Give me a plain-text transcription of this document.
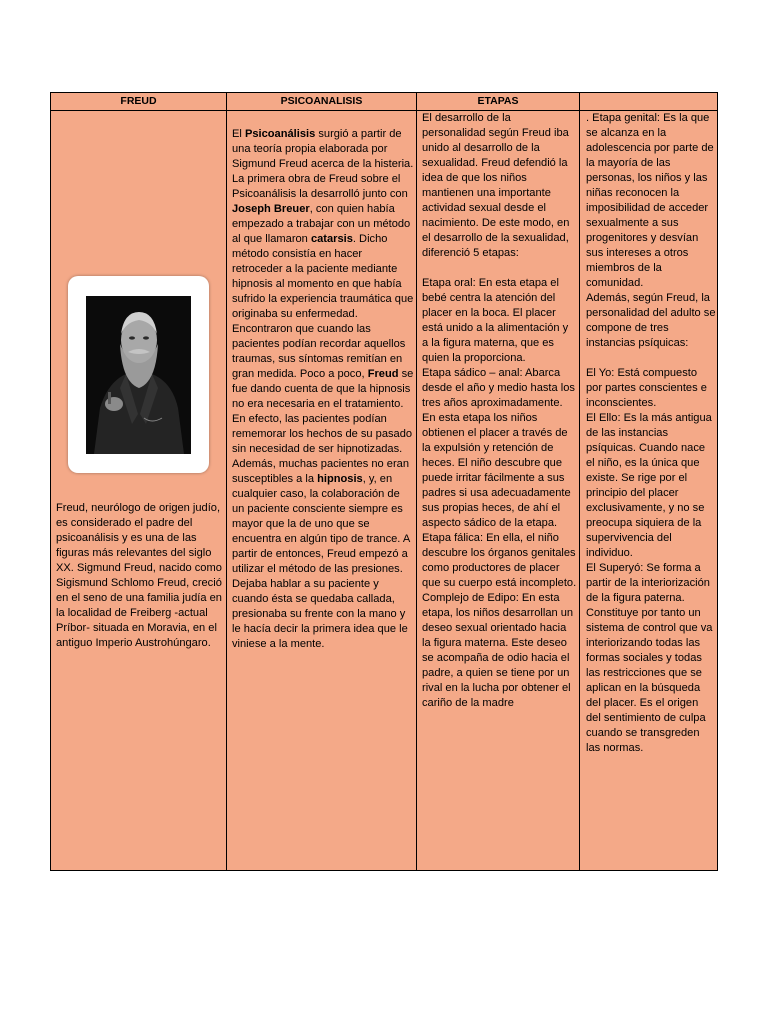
FREUD	PSICOANALISIS	ETAPAS
Freud, neurólogo de origen judío, es considerado el padre del psicoanálisis y es una de las figuras más relevantes del siglo XX. Sigmund Freud, nacido como Sigismund Schlomo Freud, creció en el seno de una familia judía en la localidad de Freiberg -actual Príbor- situada en Moravia, en el antiguo Imperio Austrohúngaro.
El Psicoanálisis surgió a partir de una teoría propia elaborada por Sigmund Freud acerca de la histeria. La primera obra de Freud sobre el Psicoanálisis la desarrolló junto con Joseph Breuer, con quien había empezado a trabajar con un método al que llamaron catarsis. Dicho método consistía en hacer retroceder a la paciente mediante hipnosis al momento en que había sufrido la experiencia traumática que originaba su enfermedad. Encontraron que cuando las pacientes podían recordar aquellos traumas, sus síntomas remitían en gran medida. Poco a poco, Freud se fue dando cuenta de que la hipnosis no era necesaria en el tratamiento. En efecto, las pacientes podían rememorar los hechos de su pasado sin necesidad de ser hipnotizadas. Además, muchas pacientes no eran susceptibles a la hipnosis, y, en cualquier caso, la colaboración de un paciente consciente siempre es mayor que la de uno que se encuentra en algún tipo de trance. A partir de entonces, Freud empezó a utilizar el método de las presiones. Dejaba hablar a su paciente y cuando ésta se quedaba callada, presionaba su frente con la mano y le hacía decir la primera idea que le viniese a la mente.
El desarrollo de la personalidad según Freud iba unido al desarrollo de la sexualidad. Freud defendió la idea de que los niños mantienen una importante actividad sexual desde el nacimiento. De este modo, en el desarrollo de la sexualidad, diferenció 5 etapas:
Etapa oral: En esta etapa el bebé centra la atención del placer en la boca. El placer está unido a la alimentación y a la figura materna, que es quien la proporciona.
Etapa sádico – anal: Abarca desde el año y medio hasta los tres años aproximadamente. En esta etapa los niños obtienen el placer a través de la expulsión y retención de heces. El niño descubre que puede irritar fácilmente a sus padres si usa adecuadamente sus propias heces, de ahí el aspecto sádico de la etapa.
Etapa fálica: En ella, el niño descubre los órganos genitales como productores de placer que su cuerpo está incompleto.
Complejo de Edipo: En esta etapa, los niños desarrollan un deseo sexual orientado hacia la figura materna. Este deseo se acompaña de odio hacia el padre, a quien se tiene por un rival en la lucha por obtener el cariño de la madre
. Etapa genital: Es la que se alcanza en la adolescencia por parte de la mayoría de las personas, los niños y las niñas reconocen la imposibilidad de acceder sexualmente a sus progenitores y desvían sus intereses a otros miembros de la comunidad.
Además, según Freud, la personalidad del adulto se compone de tres instancias psíquicas:
El Yo: Está compuesto por partes conscientes e inconscientes.
El Ello: Es la más antigua de las instancias psíquicas. Cuando nace el niño, es la única que existe. Se rige por el principio del placer exclusivamente, y no se preocupa siquiera de la supervivencia del individuo.
El Superyó: Se forma a partir de la interiorización de la figura paterna. Constituye por tanto un sistema de control que va interiorizando todas las formas sociales y todas las restricciones que se aplican en la búsqueda del placer. Es el origen del sentimiento de culpa cuando se transgreden las normas.
